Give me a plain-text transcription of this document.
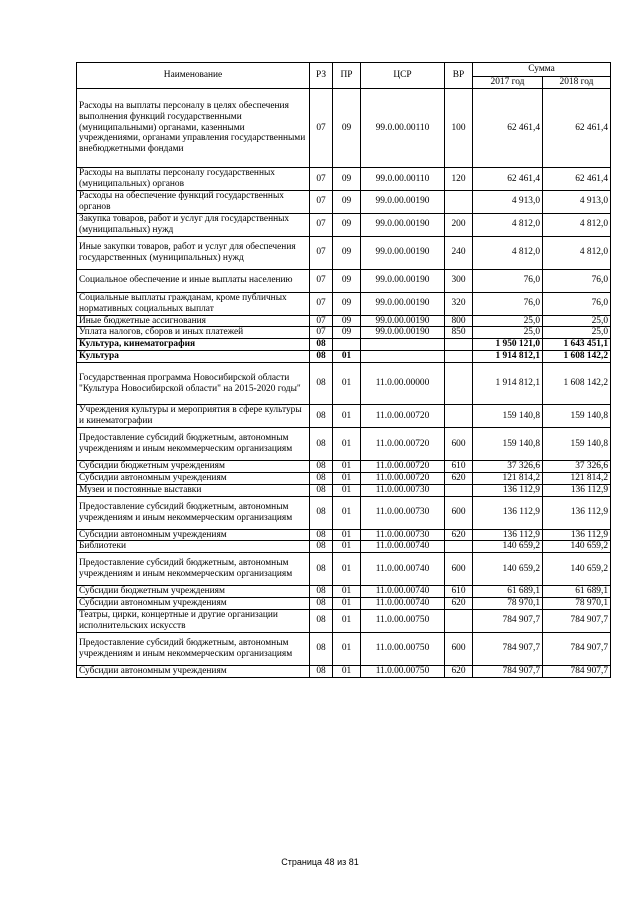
Наименование	РЗ	ПР	ЦСР	ВР	Сумма	
					2017 год	2018 год
Расходы на выплаты персоналу в целях обеспечения выполнения функций государственными (муниципальными) органами, казенными учреждениями, органами управления государственными внебюджетными фондами	07	09	99.0.00.00110	100	62 461,4	62 461,4
Расходы на выплаты персоналу государственных (муниципальных) органов	07	09	99.0.00.00110	120	62 461,4	62 461,4
Расходы на обеспечение функций государственных органов	07	09	99.0.00.00190		4 913,0	4 913,0
Закупка товаров, работ и услуг для государственных (муниципальных) нужд	07	09	99.0.00.00190	200	4 812,0	4 812,0
Иные закупки товаров, работ и услуг для обеспечения государственных (муниципальных) нужд	07	09	99.0.00.00190	240	4 812,0	4 812,0
Социальное обеспечение и иные выплаты населению	07	09	99.0.00.00190	300	76,0	76,0
Социальные выплаты гражданам, кроме публичных нормативных социальных выплат	07	09	99.0.00.00190	320	76,0	76,0
Иные бюджетные ассигнования	07	09	99.0.00.00190	800	25,0	25,0
Уплата налогов, сборов и иных платежей	07	09	99.0.00.00190	850	25,0	25,0
Культура, кинематография	08				1 950 121,0	1 643 451,1
Культура	08	01			1 914 812,1	1 608 142,2
Государственная программа Новосибирской области "Культура Новосибирской области" на 2015-2020 годы"	08	01	11.0.00.00000		1 914 812,1	1 608 142,2
Учреждения культуры и мероприятия в сфере культуры и кинематографии	08	01	11.0.00.00720		159 140,8	159 140,8
Предоставление субсидий бюджетным, автономным учреждениям и иным некоммерческим организациям	08	01	11.0.00.00720	600	159 140,8	159 140,8
Субсидии бюджетным учреждениям	08	01	11.0.00.00720	610	37 326,6	37 326,6
Субсидии автономным учреждениям	08	01	11.0.00.00720	620	121 814,2	121 814,2
Музеи и постоянные выставки	08	01	11.0.00.00730		136 112,9	136 112,9
Предоставление субсидий бюджетным, автономным учреждениям и иным некоммерческим организациям	08	01	11.0.00.00730	600	136 112,9	136 112,9
Субсидии автономным учреждениям	08	01	11.0.00.00730	620	136 112,9	136 112,9
Библиотеки	08	01	11.0.00.00740		140 659,2	140 659,2
Предоставление субсидий бюджетным, автономным учреждениям и иным некоммерческим организациям	08	01	11.0.00.00740	600	140 659,2	140 659,2
Субсидии бюджетным учреждениям	08	01	11.0.00.00740	610	61 689,1	61 689,1
Субсидии автономным учреждениям	08	01	11.0.00.00740	620	78 970,1	78 970,1
Театры, цирки, концертные и другие организации исполнительских искусств	08	01	11.0.00.00750		784 907,7	784 907,7
Предоставление субсидий бюджетным, автономным учреждениям и иным некоммерческим организациям	08	01	11.0.00.00750	600	784 907,7	784 907,7
Субсидии автономным учреждениям	08	01	11.0.00.00750	620	784 907,7	784 907,7
Страница 48 из 81
